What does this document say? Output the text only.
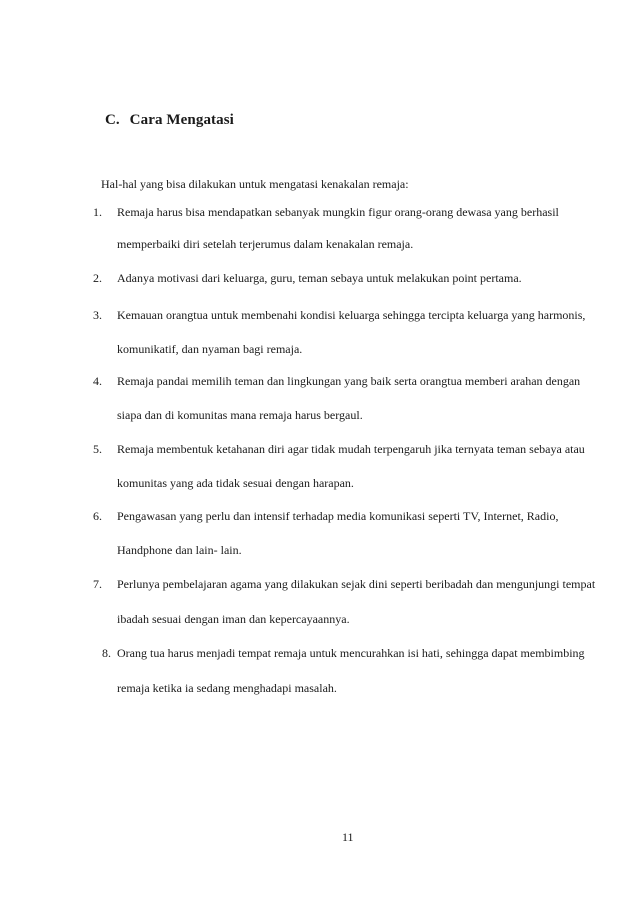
C. Cara Mengatasi
Hal-hal yang bisa dilakukan untuk mengatasi kenakalan remaja:
1. Remaja harus bisa mendapatkan sebanyak mungkin figur orang-orang dewasa yang berhasil
memperbaiki diri setelah terjerumus dalam kenakalan remaja.
2. Adanya motivasi dari keluarga, guru, teman sebaya untuk melakukan point pertama.
3. Kemauan orangtua untuk membenahi kondisi keluarga sehingga tercipta keluarga yang harmonis,
komunikatif, dan nyaman bagi remaja.
4. Remaja pandai memilih teman dan lingkungan yang baik serta orangtua memberi arahan dengan
siapa dan di komunitas mana remaja harus bergaul.
5. Remaja membentuk ketahanan diri agar tidak mudah terpengaruh jika ternyata teman sebaya atau
komunitas yang ada tidak sesuai dengan harapan.
6. Pengawasan yang perlu dan intensif terhadap media komunikasi seperti TV, Internet, Radio,
Handphone dan lain- lain.
7. Perlunya pembelajaran agama yang dilakukan sejak dini seperti beribadah dan mengunjungi tempat
ibadah sesuai dengan iman dan kepercayaannya.
8. Orang tua harus menjadi tempat remaja untuk mencurahkan isi hati, sehingga dapat membimbing
remaja ketika ia sedang menghadapi masalah.
11
